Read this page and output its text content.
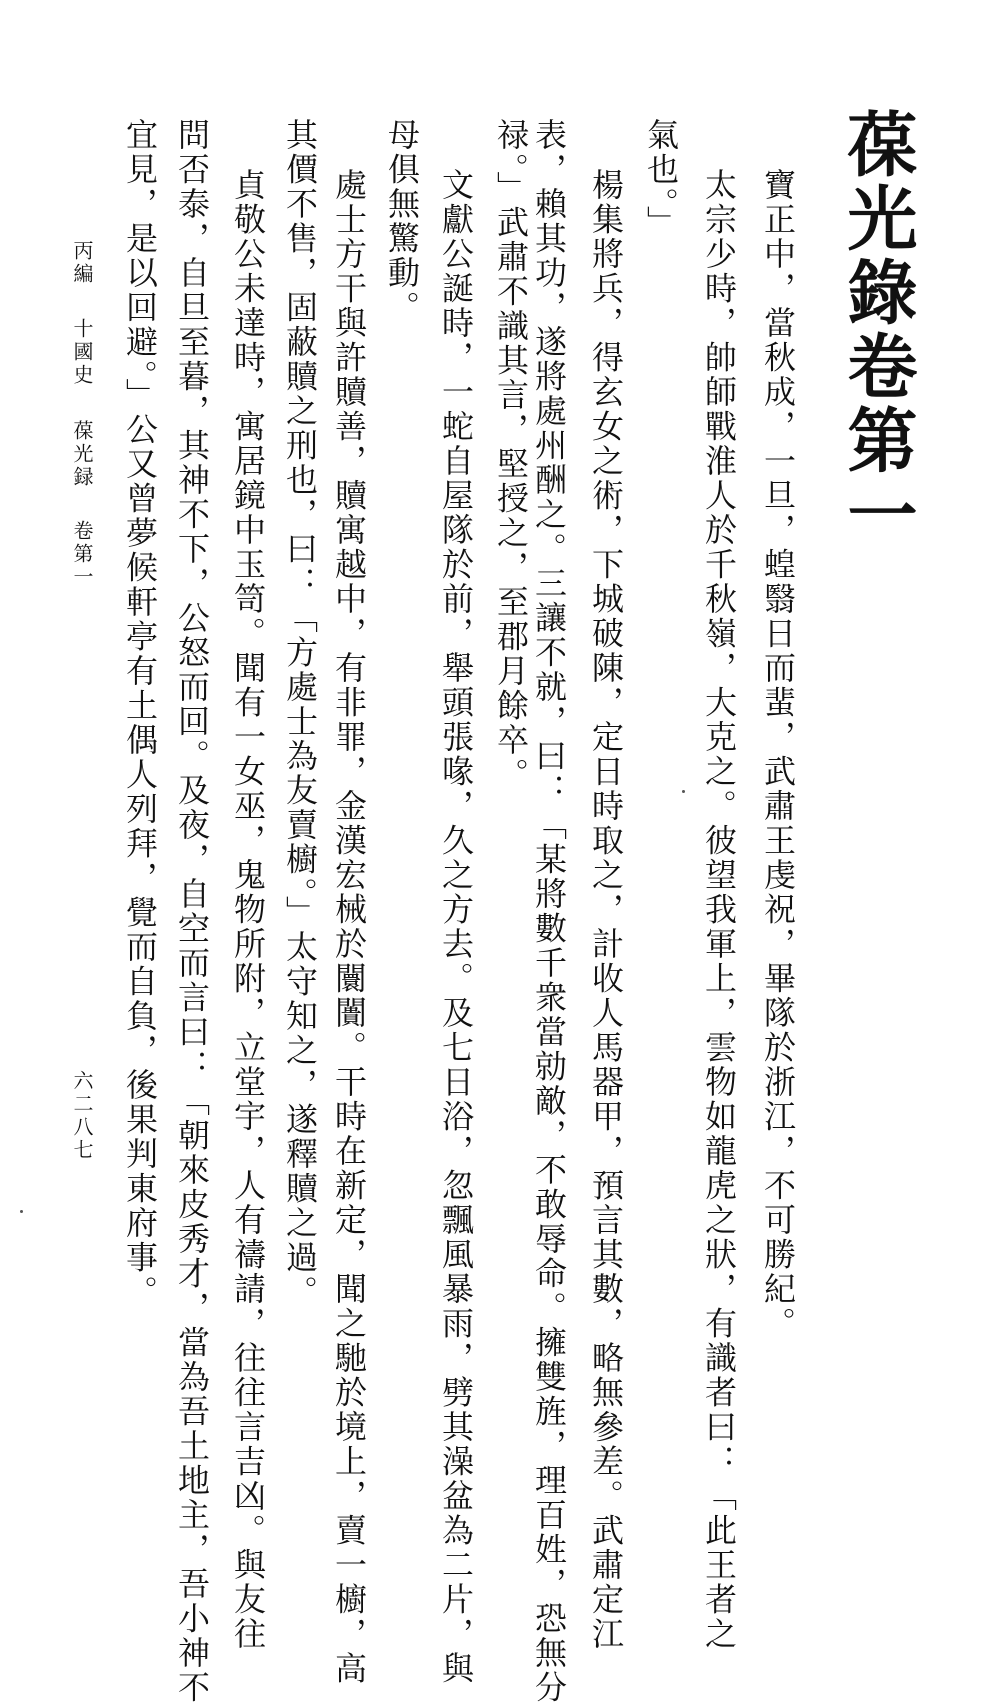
葆光錄卷第一
寶正中，當秋成，一旦，蝗翳日而蜚，武肅王虔祝，畢隊於浙江，不可勝紀。
太宗少時，帥師戰淮人於千秋嶺，大克之。彼望我軍上，雲物如龍虎之狀，有識者曰：「此王者之
氣也。」
楊集將兵，得玄女之術，下城破陳，定日時取之，計收人馬器甲，預言其數，略無參差。武肅定江
表，賴其功，遂將處州酬之。三讓不就，曰：「某將數千衆當勍敵，不敢辱命。擁雙旌，理百姓，恐無分
禄。」武肅不識其言，堅授之，至郡月餘卒。
文獻公誕時，一蛇自屋隊於前，舉頭張喙，久之方去。及七日浴，忽飄風暴雨，劈其澡盆為二片，與
母俱無驚動。
處士方干與許贖善，贖寓越中，有非罪，金漢宏械於闤闠。干時在新定，聞之馳於境上，賣一櫥，高
其價不售，固蔽贖之刑也，曰：「方處士為友賣櫥。」太守知之，遂釋贖之過。
貞敬公未達時，寓居鏡中玉笥。聞有一女巫，鬼物所附，立堂宇，人有禱請，往往言吉凶。與友往
問否泰，自旦至暮，其神不下，公怒而回。及夜，自空而言曰：「朝來皮秀才，當為吾土地主，吾小神不
宜見，是以回避。」公又曾夢候軒亭有土偶人列拜，覺而自負，後果判東府事。
丙編
十國史
葆光録
卷第一
六二八七
